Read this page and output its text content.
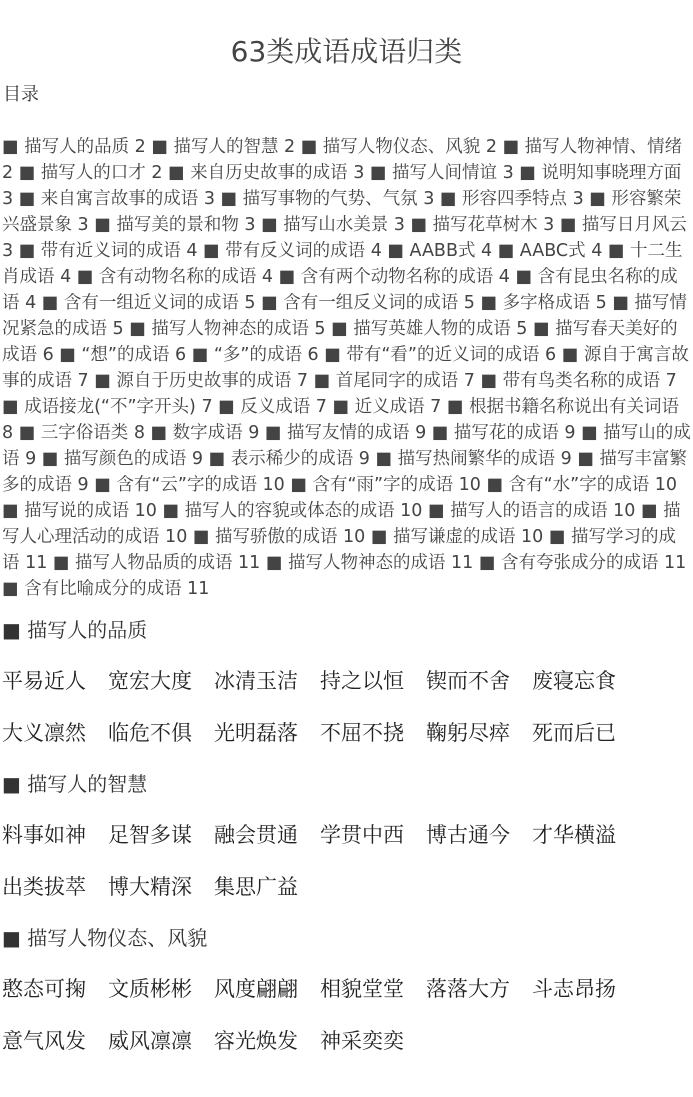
63类成语成语归类
目录
■ 描写人的品质 2 ■ 描写人的智慧 2 ■ 描写人物仪态、风貌 2 ■ 描写人物神情、情绪 2 ■ 描写人的口才 2 ■ 来自历史故事的成语 3 ■ 描写人间情谊 3 ■ 说明知事晓理方面 3 ■ 来自寓言故事的成语 3 ■ 描写事物的气势、气氛 3 ■ 形容四季特点 3 ■ 形容繁荣兴盛景象 3 ■ 描写美的景和物 3 ■ 描写山水美景 3 ■ 描写花草树木 3 ■ 描写日月风云 3 ■ 带有近义词的成语 4 ■ 带有反义词的成语 4 ■ AABB式 4 ■ AABC式 4 ■ 十二生肖成语 4 ■ 含有动物名称的成语 4 ■ 含有两个动物名称的成语 4 ■ 含有昆虫名称的成语 4 ■ 含有一组近义词的成语 5 ■ 含有一组反义词的成语 5 ■ 多字格成语 5 ■ 描写情况紧急的成语 5 ■ 描写人物神态的成语 5 ■ 描写英雄人物的成语 5 ■ 描写春天美好的成语 6 ■ “想”的成语 6 ■ “多”的成语 6 ■ 带有“看”的近义词的成语 6 ■ 源自于寓言故事的成语 7 ■ 源自于历史故事的成语 7 ■ 首尾同字的成语 7 ■ 带有鸟类名称的成语 7 ■ 成语接龙(“不”字开头) 7 ■ 反义成语 7 ■ 近义成语 7 ■ 根据书籍名称说出有关词语 8 ■ 三字俗语类 8 ■ 数字成语 9 ■ 描写友情的成语 9 ■ 描写花的成语 9 ■ 描写山的成语 9 ■ 描写颜色的成语 9 ■ 表示稀少的成语 9 ■ 描写热闹繁华的成语 9 ■ 描写丰富繁多的成语 9 ■ 含有“云”字的成语 10 ■ 含有“雨”字的成语 10 ■ 含有“水”字的成语 10 ■ 描写说的成语 10 ■ 描写人的容貌或体态的成语 10 ■ 描写人的语言的成语 10 ■ 描写人心理活动的成语 10 ■ 描写骄傲的成语 10 ■ 描写谦虚的成语 10 ■ 描写学习的成语 11 ■ 描写人物品质的成语 11 ■ 描写人物神态的成语 11 ■ 含有夸张成分的成语 11 ■ 含有比喻成分的成语 11
■ 描写人的品质
平易近人 宽宏大度 冰清玉洁 持之以恒 锲而不舍 废寝忘食
大义凛然 临危不俱 光明磊落 不屈不挠 鞠躬尽瘁 死而后已
■ 描写人的智慧
料事如神 足智多谋 融会贯通 学贯中西 博古通今 才华横溢
出类拔萃 博大精深 集思广益
■ 描写人物仪态、风貌
憨态可掬 文质彬彬 风度翩翩 相貌堂堂 落落大方 斗志昂扬
意气风发 威风凛凛 容光焕发 神采奕奕
